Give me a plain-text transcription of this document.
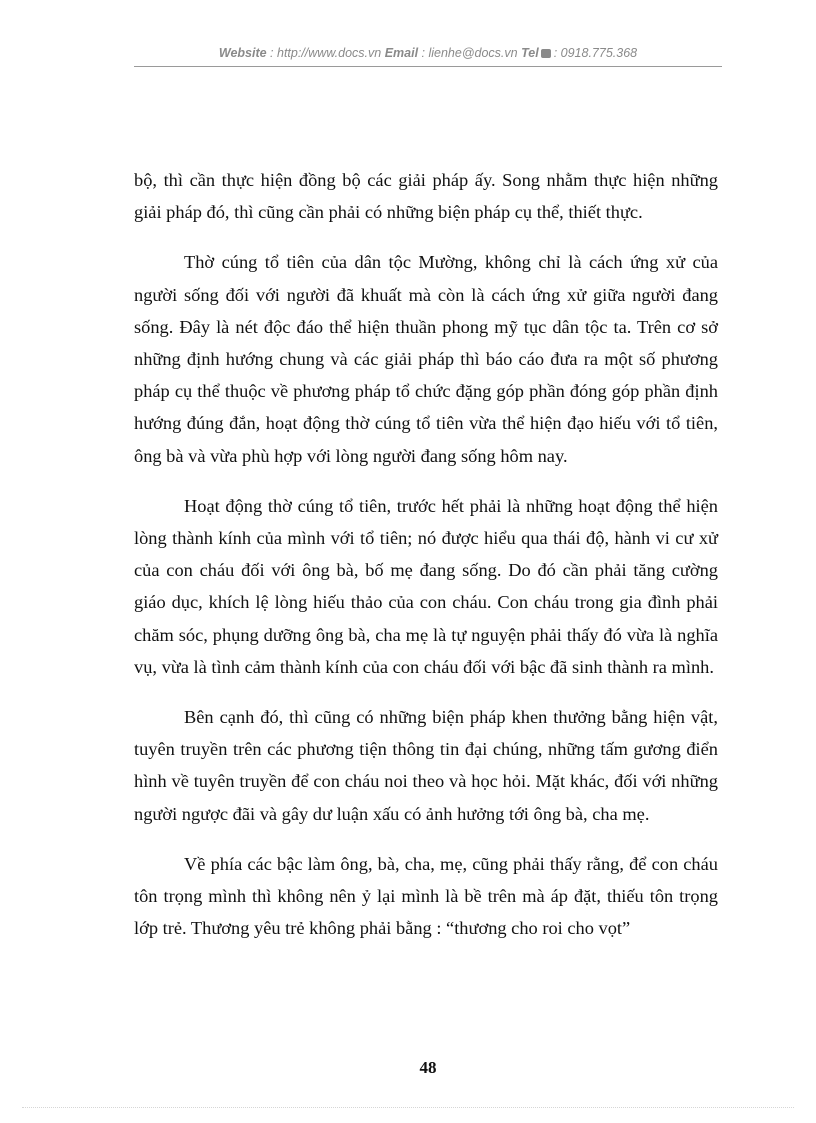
Website : http://www.docs.vn Email : lienhe@docs.vn Tel : 0918.775.368

bộ, thì cần thực hiện đồng bộ các giải pháp ấy. Song nhằm thực hiện những giải pháp đó, thì cũng cần phải có những biện pháp cụ thể, thiết thực.

Thờ cúng tổ tiên của dân tộc Mường, không chỉ là cách ứng xử của người sống đối với người đã khuất mà còn là cách ứng xử giữa người đang sống. Đây là nét độc đáo thể hiện thuần phong mỹ tục dân tộc ta. Trên cơ sở những định hướng chung và các giải pháp thì báo cáo đưa ra một số phương pháp cụ thể thuộc về phương pháp tổ chức đặng góp phần đóng góp phần định hướng đúng đắn, hoạt động thờ cúng tổ tiên vừa thể hiện đạo hiếu với tổ tiên, ông bà và vừa phù hợp với lòng người đang sống hôm nay.

Hoạt động thờ cúng tổ tiên, trước hết phải là những hoạt động thể hiện lòng thành kính của mình với tổ tiên; nó được hiểu qua thái độ, hành vi cư xử của con cháu đối với ông bà, bố mẹ đang sống. Do đó cần phải tăng cường giáo dục, khích lệ lòng hiếu thảo của con cháu. Con cháu trong gia đình phải chăm sóc, phụng dưỡng ông bà, cha mẹ là tự nguyện phải thấy đó vừa là nghĩa vụ, vừa là tình cảm thành kính của con cháu đối với bậc đã sinh thành ra mình.

Bên cạnh đó, thì cũng có những biện pháp khen thưởng bằng hiện vật, tuyên truyền trên các phương tiện thông tin đại chúng, những tấm gương điển hình về tuyên truyền để con cháu noi theo và học hỏi. Mặt khác, đối với những người ngược đãi và gây dư luận xấu có ảnh hưởng tới ông bà, cha mẹ.

Về phía các bậc làm ông, bà, cha, mẹ, cũng phải thấy rằng, để con cháu tôn trọng mình thì không nên ỷ lại mình là bề trên mà áp đặt, thiếu tôn trọng lớp trẻ. Thương yêu trẻ không phải bằng : “thương cho roi cho vọt”

48
